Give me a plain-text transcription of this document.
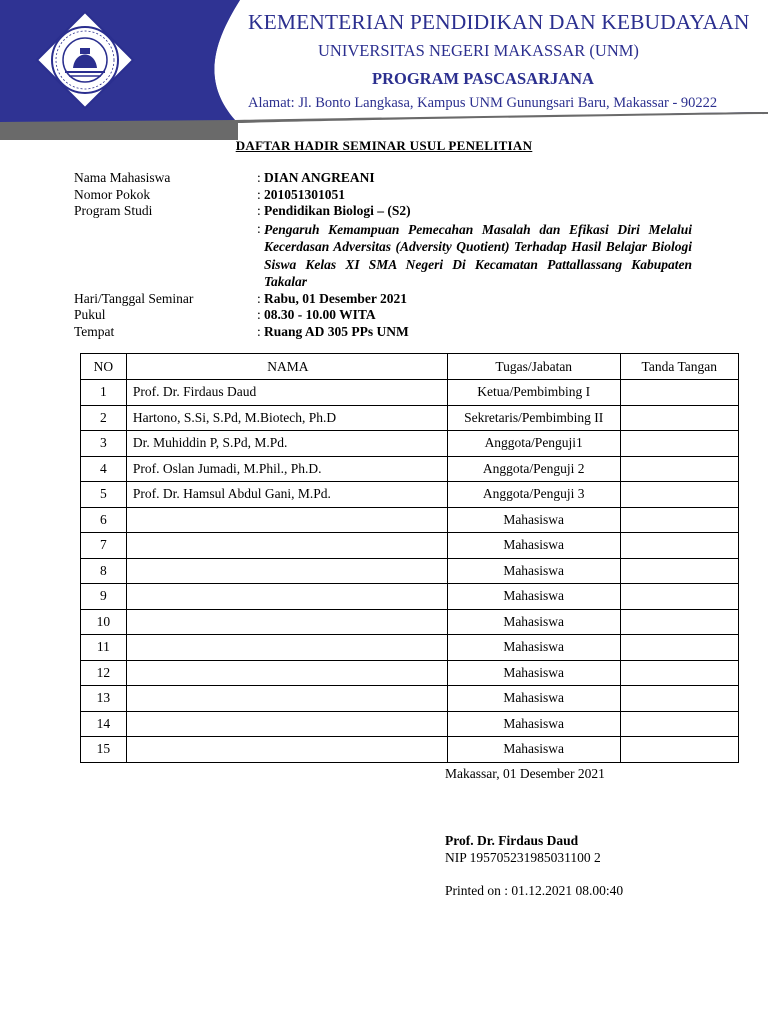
KEMENTERIAN PENDIDIKAN DAN KEBUDAYAAN
UNIVERSITAS NEGERI MAKASSAR (UNM)
PROGRAM PASCASARJANA
Alamat: Jl. Bonto Langkasa, Kampus UNM Gunungsari Baru, Makassar - 90222
DAFTAR HADIR SEMINAR USUL PENELITIAN
Nama Mahasiswa	: DIAN ANGREANI
Nomor Pokok	: 201051301051
Program Studi	: Pendidikan Biologi – (S2)
: Pengaruh Kemampuan Pemecahan Masalah dan Efikasi Diri Melalui Kecerdasan Adversitas (Adversity Quotient) Terhadap Hasil Belajar Biologi Siswa Kelas XI SMA Negeri Di Kecamatan Pattallassang Kabupaten Takalar
Hari/Tanggal Seminar	: Rabu, 01 Desember 2021
Pukul	: 08.30 - 10.00 WITA
Tempat	: Ruang AD 305 PPs UNM
NO	NAMA	Tugas/Jabatan	Tanda Tangan
1	Prof. Dr. Firdaus Daud	Ketua/Pembimbing I	
2	Hartono, S.Si, S.Pd, M.Biotech, Ph.D	Sekretaris/Pembimbing II	
3	Dr. Muhiddin P, S.Pd, M.Pd.	Anggota/Penguji1	
4	Prof. Oslan Jumadi, M.Phil., Ph.D.	Anggota/Penguji 2	
5	Prof. Dr. Hamsul Abdul Gani, M.Pd.	Anggota/Penguji 3	
6		Mahasiswa	
7		Mahasiswa	
8		Mahasiswa	
9		Mahasiswa	
10		Mahasiswa	
11		Mahasiswa	
12		Mahasiswa	
13		Mahasiswa	
14		Mahasiswa	
15		Mahasiswa	
Makassar, 01 Desember 2021
Prof. Dr. Firdaus Daud
NIP 195705231985031100 2
Printed on : 01.12.2021 08.00:40
